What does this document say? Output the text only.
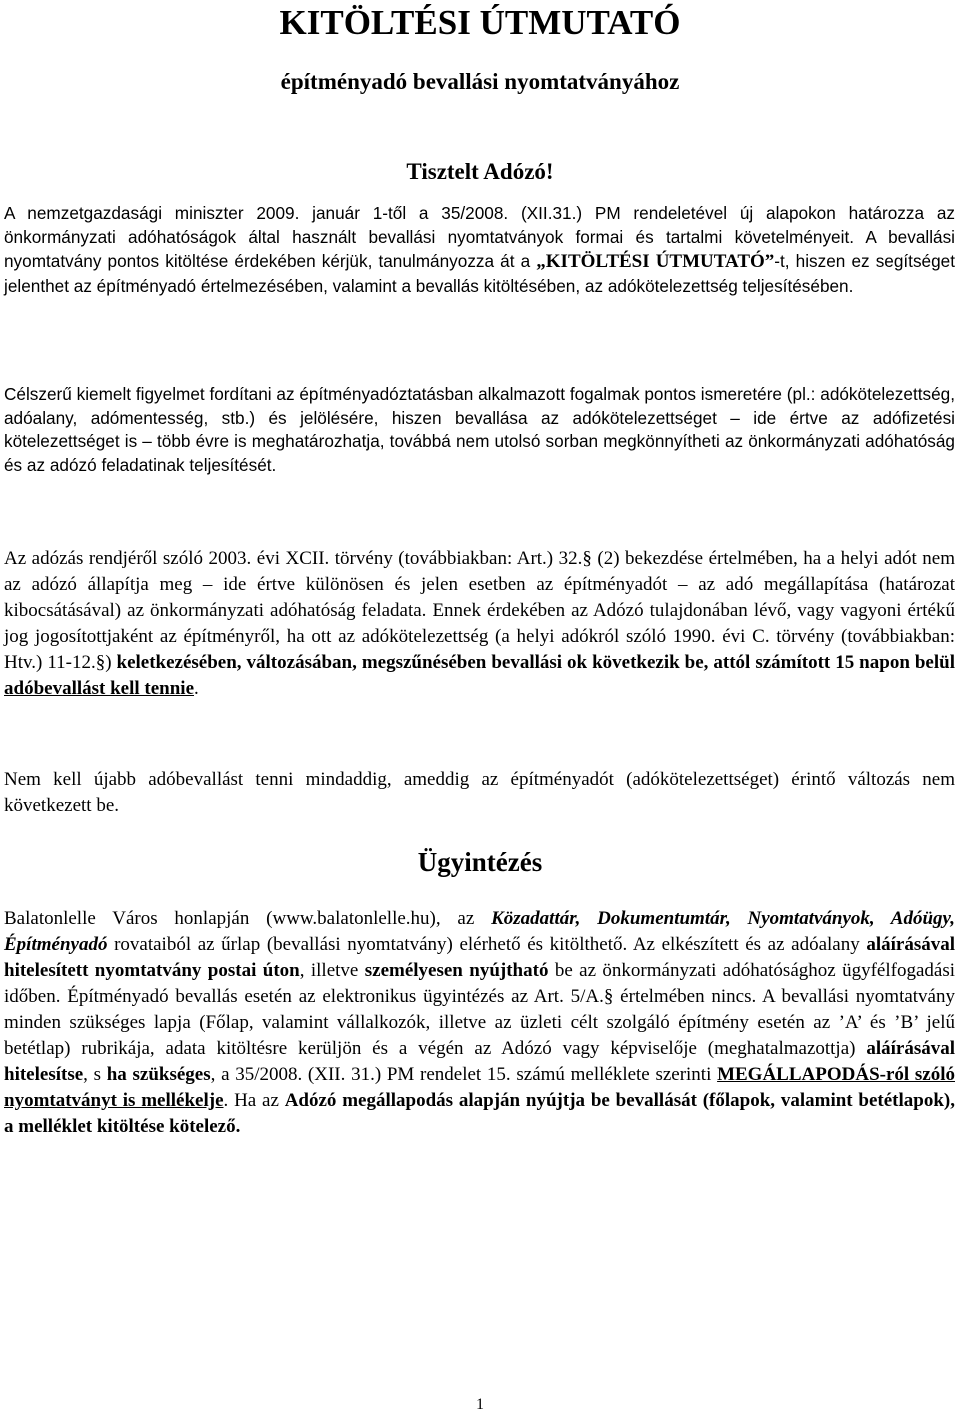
KITÖLTÉSI ÚTMUTATÓ
építményadó bevallási nyomtatványához
Tisztelt Adózó!

A nemzetgazdasági miniszter 2009. január 1-től a 35/2008. (XII.31.) PM rendeletével új alapokon határozza az önkormányzati adóhatóságok által használt bevallási nyomtatványok formai és tartalmi követelményeit. A bevallási nyomtatvány pontos kitöltése érdekében kérjük, tanulmányozza át a „KITÖLTÉSI ÚTMUTATÓ”-t, hiszen ez segítséget jelenthet az építményadó értelmezésében, valamint a bevallás kitöltésében, az adókötelezettség teljesítésében.

Célszerű kiemelt figyelmet fordítani az építményadóztatásban alkalmazott fogalmak pontos ismeretére (pl.: adókötelezettség, adóalany, adómentesség, stb.) és jelölésére, hiszen bevallása az adókötelezettséget – ide értve az adófizetési kötelezettséget is – több évre is meghatározhatja, továbbá nem utolsó sorban megkönnyítheti az önkormányzati adóhatóság és az adózó feladatinak teljesítését.

Az adózás rendjéről szóló 2003. évi XCII. törvény (továbbiakban: Art.) 32.§ (2) bekezdése értelmében, ha a helyi adót nem az adózó állapítja meg – ide értve különösen és jelen esetben az építményadót – az adó megállapítása (határozat kibocsátásával) az önkormányzati adóhatóság feladata. Ennek érdekében az Adózó tulajdonában lévő, vagy vagyoni értékű jog jogosítottjaként az építményről, ha ott az adókötelezettség (a helyi adókról szóló 1990. évi C. törvény (továbbiakban: Htv.) 11-12.§) keletkezésében, változásában, megszűnésében bevallási ok következik be, attól számított 15 napon belül adóbevallást kell tennie.

Nem kell újabb adóbevallást tenni mindaddig, ameddig az építményadót (adókötelezettséget) érintő változás nem következett be.

Ügyintézés

Balatonlelle Város honlapján (www.balatonlelle.hu), az Közadattár, Dokumentumtár, Nyomtatványok, Adóügy, Építményadó rovataiból az űrlap (bevallási nyomtatvány) elérhető és kitölthető. Az elkészített és az adóalany aláírásával hitelesített nyomtatvány postai úton, illetve személyesen nyújtható be az önkormányzati adóhatósághoz ügyfélfogadási időben. Építményadó bevallás esetén az elektronikus ügyintézés az Art. 5/A.§ értelmében nincs. A bevallási nyomtatvány minden szükséges lapja (Főlap, valamint vállalkozók, illetve az üzleti célt szolgáló építmény esetén az ’A’ és ’B’ jelű betétlap) rubrikája, adata kitöltésre kerüljön és a végén az Adózó vagy képviselője (meghatalmazottja) aláírásával hitelesítse, s ha szükséges, a 35/2008. (XII. 31.) PM rendelet 15. számú melléklete szerinti MEGÁLLAPODÁS-ról szóló nyomtatványt is mellékelje. Ha az Adózó megállapodás alapján nyújtja be bevallását (főlapok, valamint betétlapok), a melléklet kitöltése kötelező.

1
